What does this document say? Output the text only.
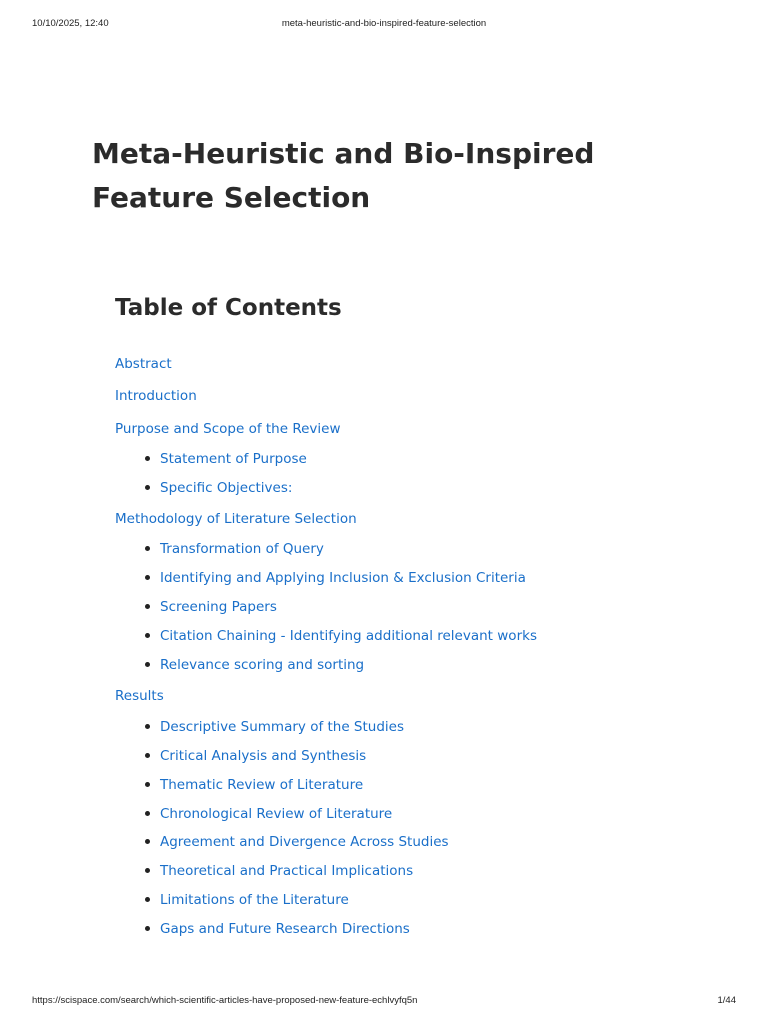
10/10/2025, 12:40	meta-heuristic-and-bio-inspired-feature-selection
Meta-Heuristic and Bio-Inspired Feature Selection
Table of Contents
Abstract
Introduction
Purpose and Scope of the Review
Statement of Purpose
Specific Objectives:
Methodology of Literature Selection
Transformation of Query
Identifying and Applying Inclusion & Exclusion Criteria
Screening Papers
Citation Chaining - Identifying additional relevant works
Relevance scoring and sorting
Results
Descriptive Summary of the Studies
Critical Analysis and Synthesis
Thematic Review of Literature
Chronological Review of Literature
Agreement and Divergence Across Studies
Theoretical and Practical Implications
Limitations of the Literature
Gaps and Future Research Directions
https://scispace.com/search/which-scientific-articles-have-proposed-new-feature-echlvyfq5n	1/44
